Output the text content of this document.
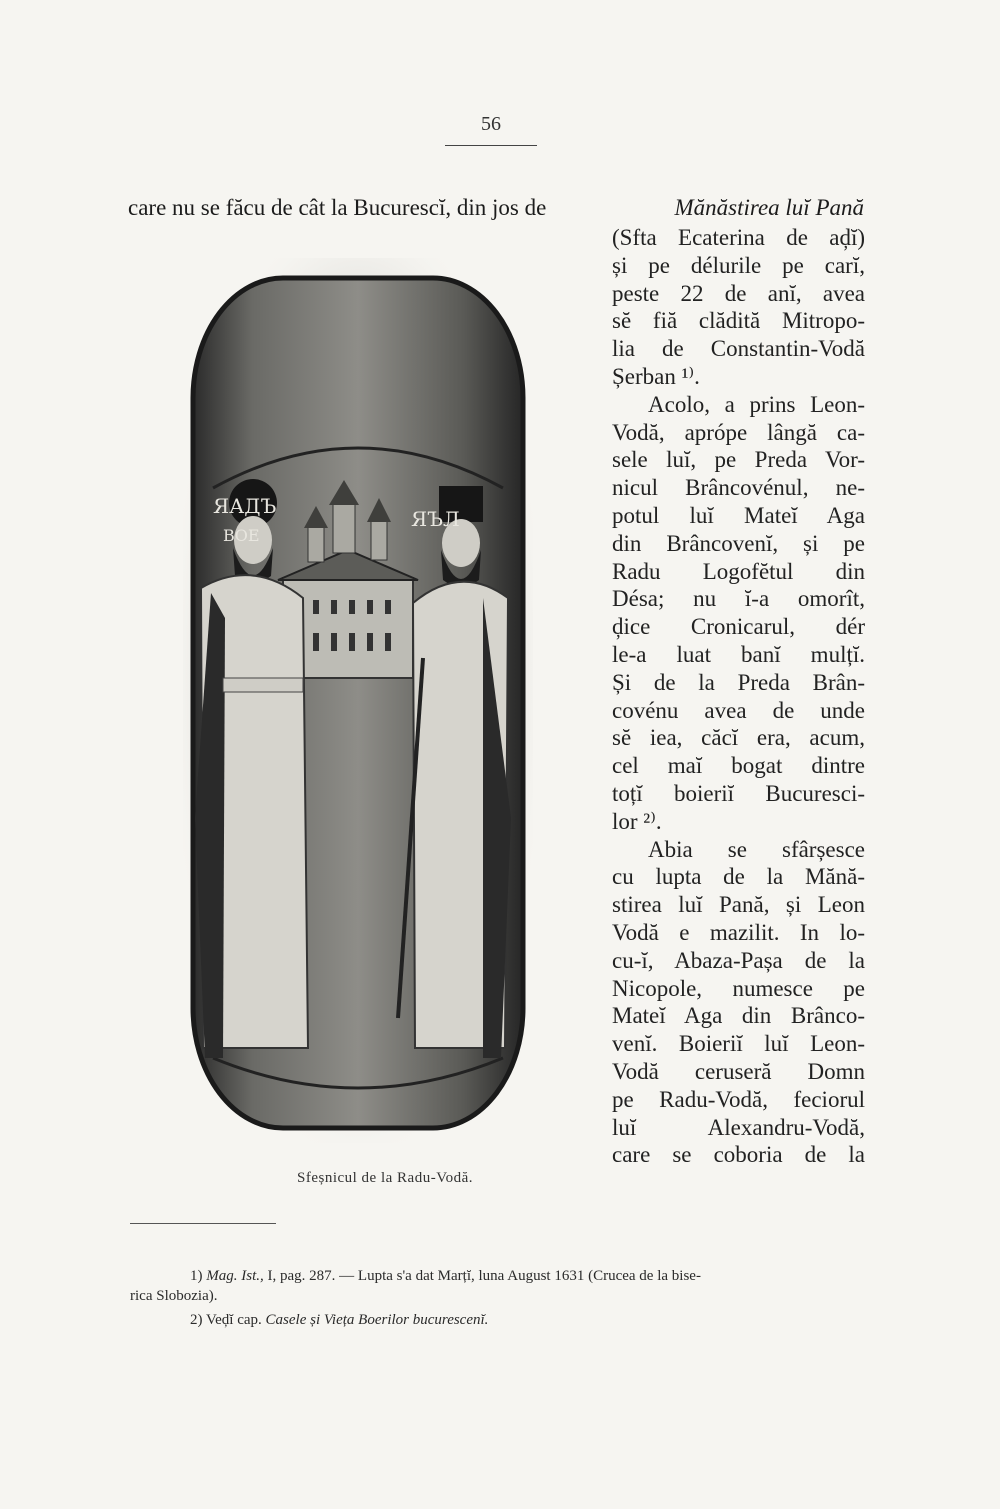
56
care nu se făcu de cât la Bucurescĭ, din jos de	Mănăstirea luĭ Pană
(Sfta Ecaterina de aḑĭ)
și pe délurile pe carĭ,
peste 22 de anĭ, avea
sĕ fiă clădită Mitropo-
lia de Constantin-Vodă
Șerban ¹⁾.
Acolo, a prins Leon-
Vodă, aprópe lângă ca-
sele luĭ, pe Preda Vor-
nicul Brâncovénul, ne-
potul luĭ Mateĭ Aga
din Brâncovenĭ, și pe
Radu Logofĕtul din
Désa; nu ĭ-a omorît,
ḑice Cronicarul, dér
le-a luat banĭ mulțĭ.
Și de la Preda Brân-
covénu avea de unde
sĕ iea, căcĭ era, acum,
cel maĭ bogat dintre
toțĭ boieriĭ Bucuresci-
lor ²⁾.
Abia se sfârșesce
cu lupta de la Mănă-
stirea luĭ Pană, și Leon
Vodă e mazilit. In lo-
cu-ĭ, Abaza-Pașa de la
Nicopole, numesce pe
Mateĭ Aga din Brânco-
venĭ. Boieriĭ luĭ Leon-
Vodă ceruseră Domn
pe Radu-Vodă, feciorul
luĭ Alexandru-Vodă,
care se coboria de la
ЯАДЪ
ВОЕ
ЯЪЛ
Sfeșnicul de la Radu-Vodă.
1) Mag. Ist., I, pag. 287. — Lupta s'a dat Marțĭ, luna August 1631 (Crucea de la bise-
rica Slobozia).
2) Veḑĭ cap. Casele și Vieța Boerilor bucurescenĭ.
